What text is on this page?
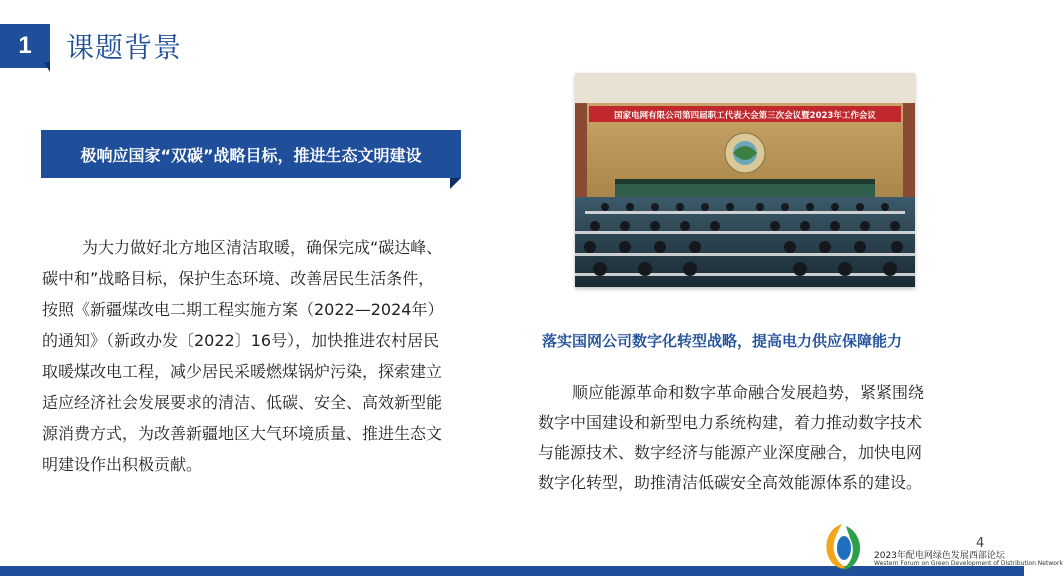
1 课题背景
极响应国家“双碳”战略目标，推进生态文明建设
为大力做好北方地区清洁取暖，确保完成“碳达峰、
碳中和”战略目标，保护生态环境、改善居民生活条件，
按照《新疆煤改电二期工程实施方案（2022—2024年）
的通知》（新政办发〔2022〕16号），加快推进农村居民
取暖煤改电工程，减少居民采暖燃煤锅炉污染，探索建立
适应经济社会发展要求的清洁、低碳、安全、高效新型能
源消费方式，为改善新疆地区大气环境质量、推进生态文
明建设作出积极贡献。
国家电网有限公司第四届职工代表大会第三次会议暨2023年工作会议
落实国网公司数字化转型战略，提高电力供应保障能力
顺应能源革命和数字革命融合发展趋势，紧紧围绕
数字中国建设和新型电力系统构建，着力推动数字技术
与能源技术、数字经济与能源产业深度融合，加快电网
数字化转型，助推清洁低碳安全高效能源体系的建设。
4
2023年配电网绿色发展西部论坛
Western Forum on Green Development of Distribution Network
